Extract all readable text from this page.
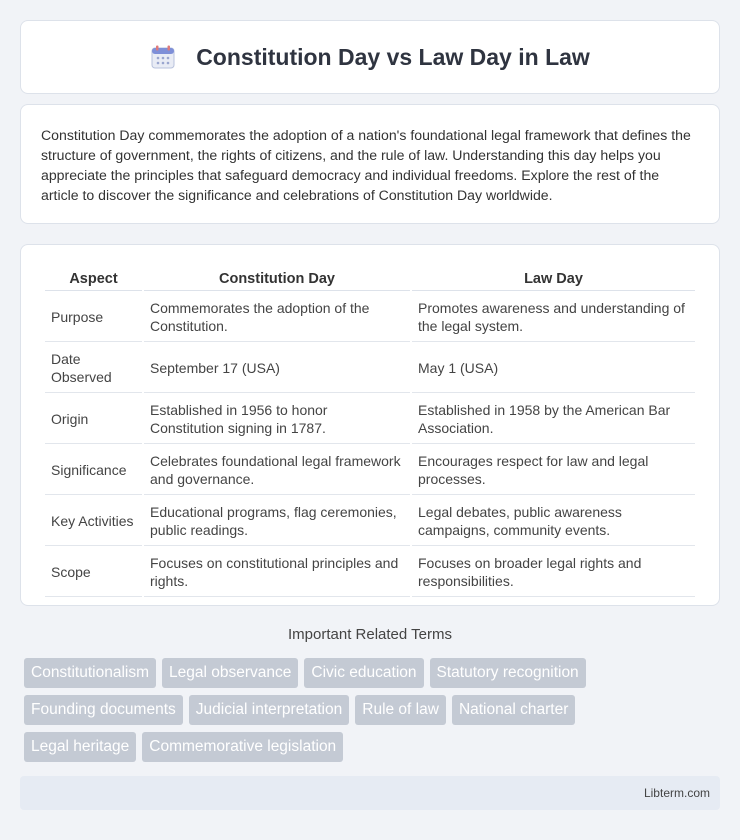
Constitution Day vs Law Day in Law

Constitution Day commemorates the adoption of a nation's foundational legal framework that defines the structure of government, the rights of citizens, and the rule of law. Understanding this day helps you appreciate the principles that safeguard democracy and individual freedoms. Explore the rest of the article to discover the significance and celebrations of Constitution Day worldwide.

Aspect	Constitution Day	Law Day
Purpose	Commemorates the adoption of the Constitution.	Promotes awareness and understanding of the legal system.
Date Observed	September 17 (USA)	May 1 (USA)
Origin	Established in 1956 to honor Constitution signing in 1787.	Established in 1958 by the American Bar Association.
Significance	Celebrates foundational legal framework and governance.	Encourages respect for law and legal processes.
Key Activities	Educational programs, flag ceremonies, public readings.	Legal debates, public awareness campaigns, community events.
Scope	Focuses on constitutional principles and rights.	Focuses on broader legal rights and responsibilities.
Important Related Terms
Constitutionalism	Legal observance	Civic education	Statutory recognition
Founding documents	Judicial interpretation	Rule of law	National charter
Legal heritage	Commemorative legislation
Libterm.com
